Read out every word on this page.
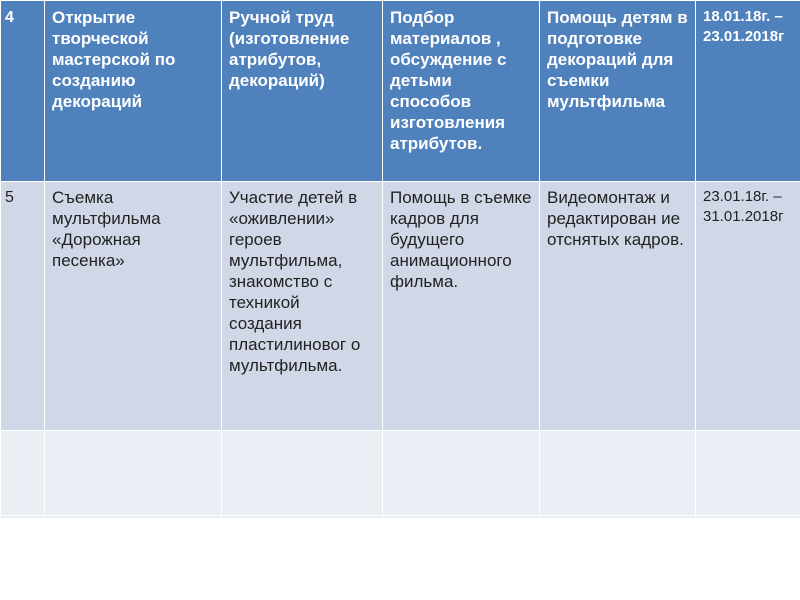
4	Открытие творческой мастерской по созданию декораций	Ручной труд (изготовление атрибутов, декораций)	Подбор материалов , обсуждение с детьми способов изготовления атрибутов.	Помощь детям в подготовке декораций для съемки мультфильма	18.01.18г. – 23.01.2018г
5	Съемка мультфильма «Дорожная песенка»	Участие детей в «оживлении» героев мультфильма, знакомство с техникой создания пластилиновог о мультфильма.	Помощь в съемке кадров для будущего анимационного фильма.	Видеомонтаж и редактирован ие отснятых кадров.	23.01.18г. – 31.01.2018г
